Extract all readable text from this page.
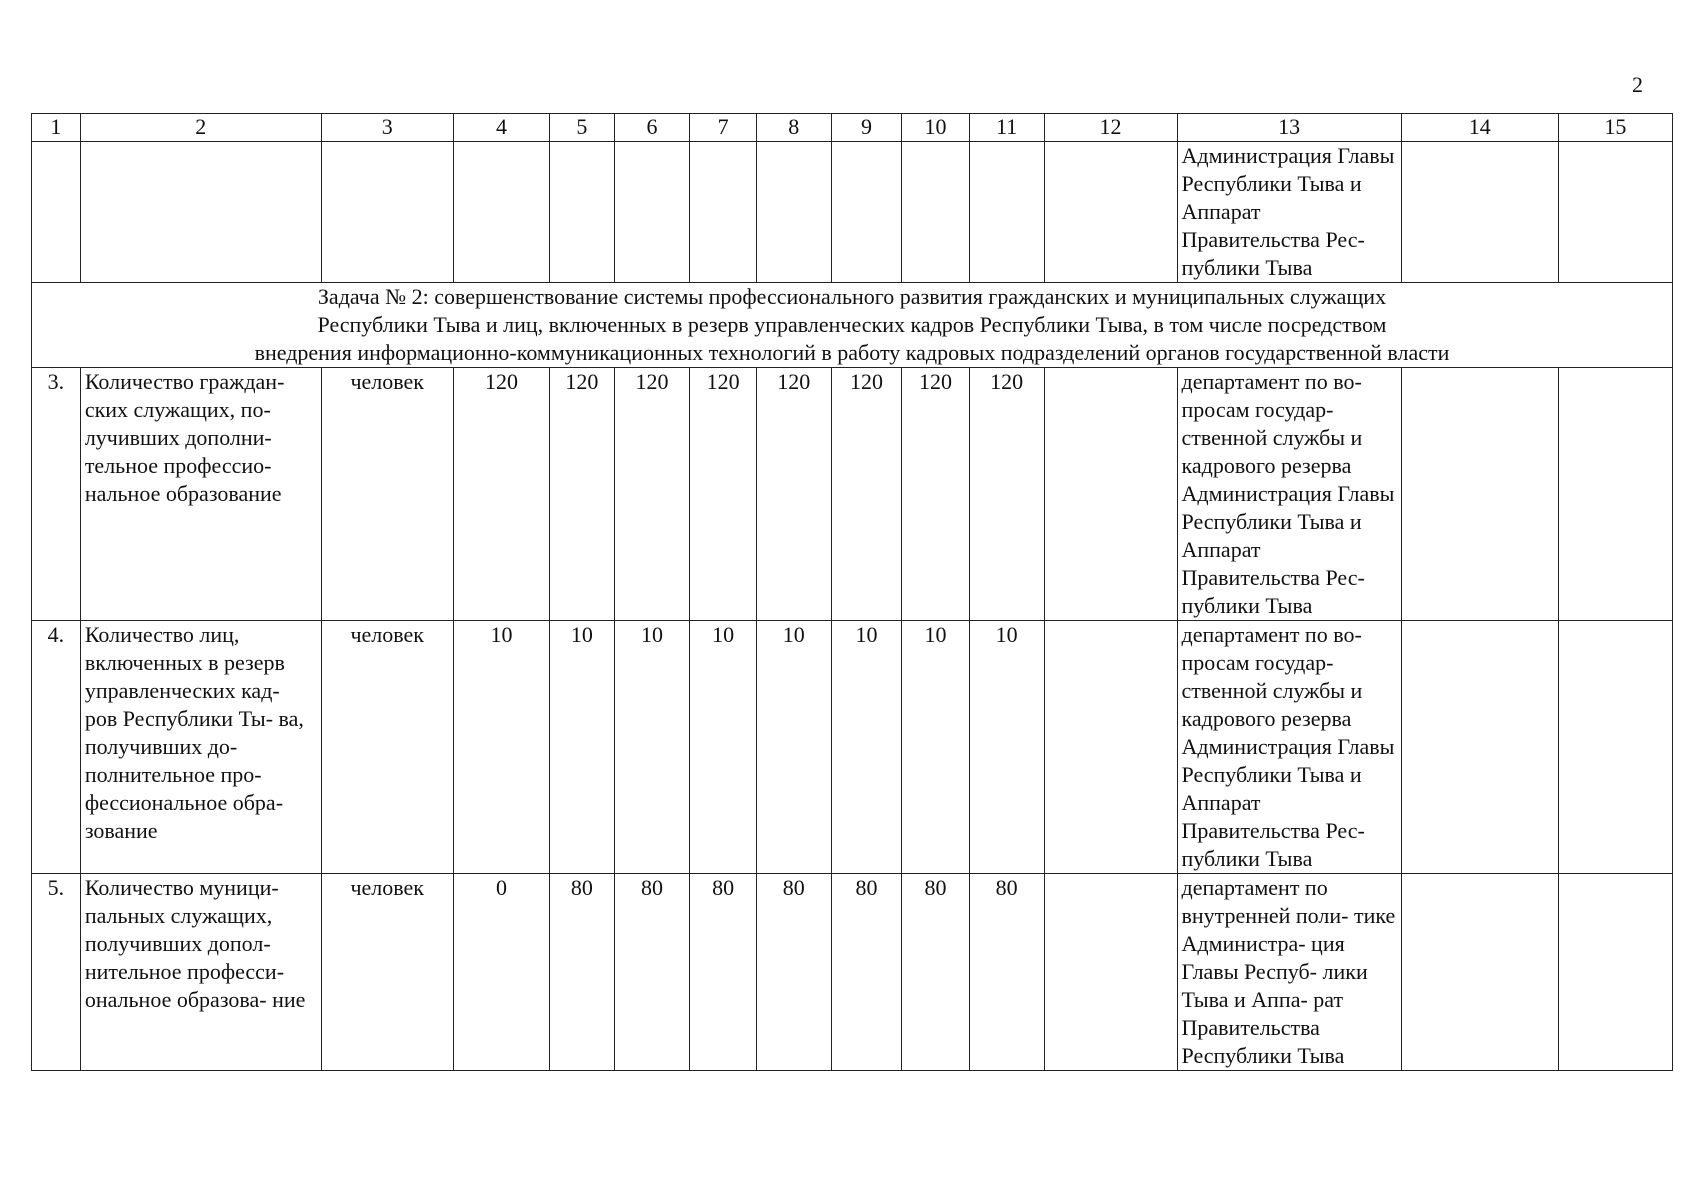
2
1	2	3	4	5	6	7	8	9	10	11	12	13	14	15
												Администрация Главы Республики Тыва и Аппарат Правительства Рес- публики Тыва		

Задача № 2: совершенствование системы профессионального развития гражданских и муниципальных служащих
Республики Тыва и лиц, включенных в резерв управленческих кадров Республики Тыва, в том числе посредством
внедрения информационно-коммуникационных технологий в работу кадровых подразделений органов государственной власти														

3.	Количество граждан- ских служащих, по- лучивших дополни- тельное профессио- нальное образование	человек	120	120	120	120	120	120	120	120		департамент по во- просам государ- ственной службы и кадрового резерва Администрация Главы Республики Тыва и Аппарат Правительства Рес- публики Тыва		
4.	Количество лиц, включенных в резерв управленческих кад- ров Республики Ты- ва, получивших до- полнительное про- фессиональное обра- зование	человек	10	10	10	10	10	10	10	10		департамент по во- просам государ- ственной службы и кадрового резерва Администрация Главы Республики Тыва и Аппарат Правительства Рес- публики Тыва		
5.	Количество муници- пальных служащих, получивших допол- нительное професси- ональное образова- ние	человек	0	80	80	80	80	80	80	80		департамент по внутренней поли- тике Администра- ция Главы Респуб- лики Тыва и Аппа- рат Правительства Республики Тыва		
